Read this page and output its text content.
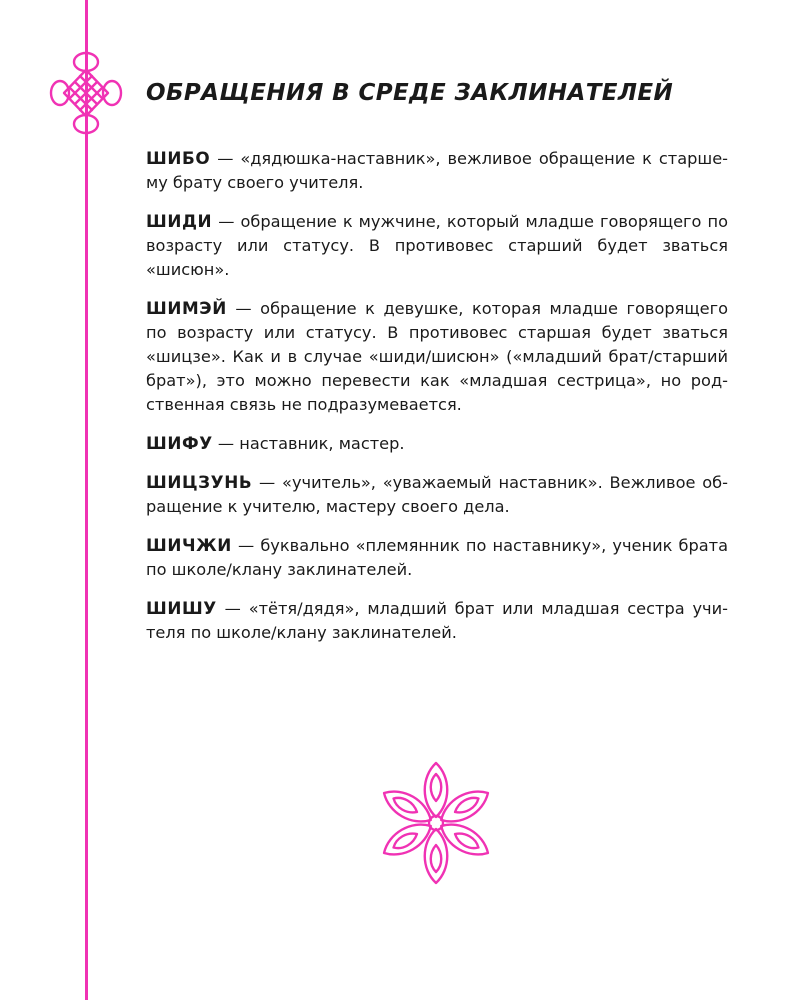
ОБРАЩЕНИЯ В СРЕДЕ ЗАКЛИНАТЕЛЕЙ

ШИБО — «дядюшка-наставник», вежливое обращение к старшему брату своего учителя.

ШИДИ — обращение к мужчине, который младше говорящего по возрасту или статусу. В противовес старший будет зваться «шисюн».

ШИМЭЙ — обращение к девушке, которая младше говорящего по возрасту или статусу. В противовес старшая будет зваться «шицзе». Как и в случае «шиди/шисюн» («младший брат/старший брат»), это можно перевести как «младшая сестрица», но родственная связь не подразумевается.

ШИФУ — наставник, мастер.

ШИЦЗУНЬ — «учитель», «уважаемый наставник». Вежливое обращение к учителю, мастеру своего дела.

ШИЧЖИ — буквально «племянник по наставнику», ученик брата по школе/клану заклинателей.

ШИШУ — «тётя/дядя», младший брат или младшая сестра учителя по школе/клану заклинателей.
